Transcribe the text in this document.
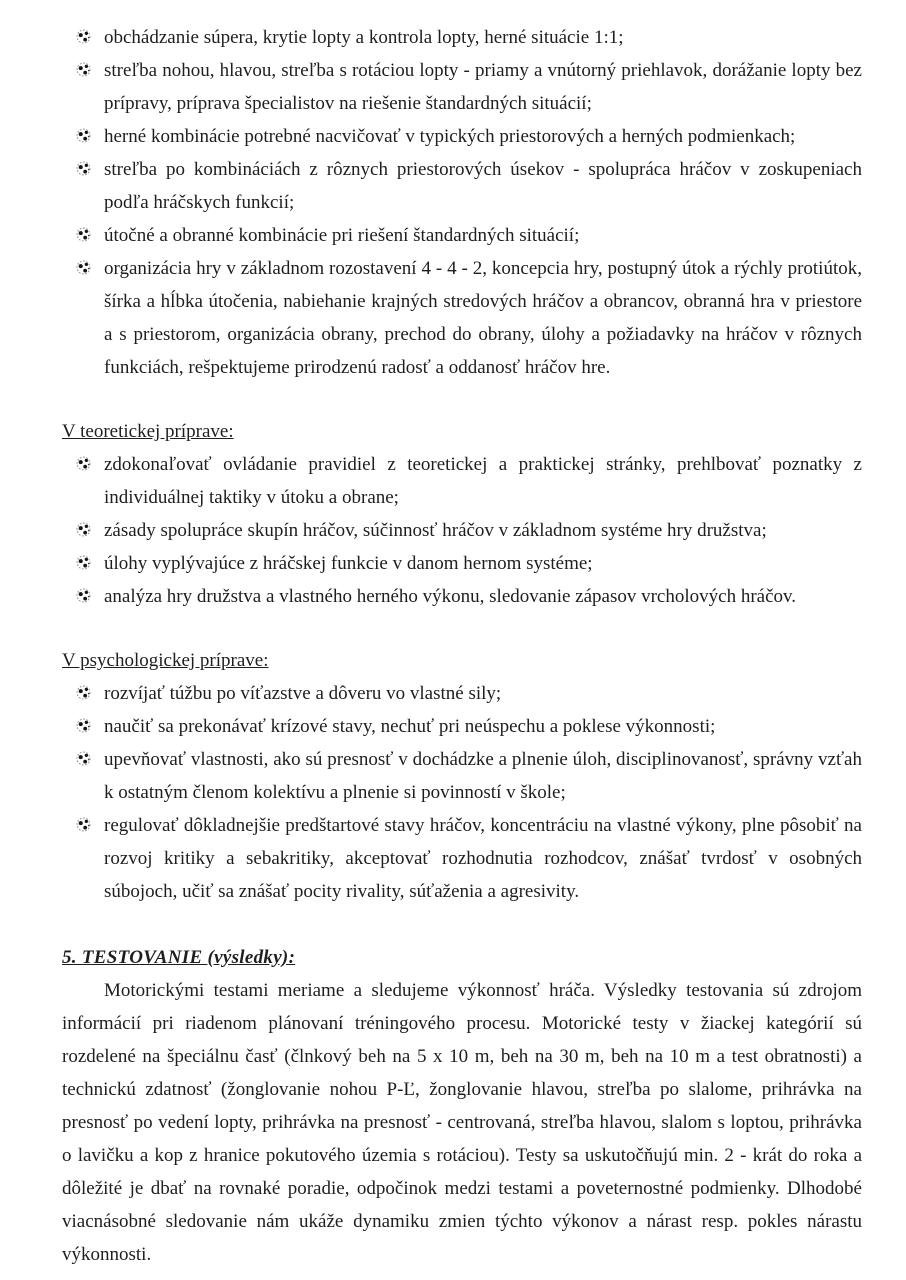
obchádzanie súpera, krytie lopty a kontrola lopty, herné situácie 1:1;
streľba nohou, hlavou, streľba s rotáciou lopty - priamy a vnútorný priehlavok, dorážanie lopty bez prípravy, príprava špecialistov na riešenie štandardných situácií;
herné kombinácie potrebné nacvičovať v typických priestorových a herných podmienkach;
streľba po kombináciách z rôznych priestorových úsekov - spolupráca hráčov v zoskupeniach podľa hráčskych funkcií;
útočné a obranné kombinácie pri riešení štandardných situácií;
organizácia hry v základnom rozostavení 4 - 4 - 2, koncepcia hry, postupný útok a rýchly protiútok, šírka a hĺbka útočenia, nabiehanie krajných stredových hráčov a obrancov, obranná hra v priestore a s priestorom, organizácia obrany, prechod do obrany, úlohy a požiadavky na hráčov v rôznych funkciách, rešpektujeme prirodzenú radosť a oddanosť hráčov hre.

V teoretickej príprave:

zdokonaľovať ovládanie pravidiel z teoretickej a praktickej stránky, prehlbovať poznatky z individuálnej taktiky v útoku a obrane;
zásady spolupráce skupín hráčov, súčinnosť hráčov v základnom systéme hry družstva;
úlohy vyplývajúce z hráčskej funkcie v danom hernom systéme;
analýza hry družstva a vlastného herného výkonu, sledovanie zápasov vrcholových hráčov.

V psychologickej príprave:

rozvíjať túžbu po víťazstve a dôveru vo vlastné sily;
naučiť sa prekonávať krízové stavy, nechuť pri neúspechu a poklese výkonnosti;
upevňovať vlastnosti, ako sú presnosť v dochádzke a plnenie úloh, disciplinovanosť, správny vzťah k ostatným členom kolektívu a plnenie si povinností v škole;
regulovať dôkladnejšie predštartové stavy hráčov, koncentráciu na vlastné výkony, plne pôsobiť na rozvoj kritiky a sebakritiky, akceptovať rozhodnutia rozhodcov, znášať tvrdosť v osobných súbojoch, učiť sa znášať pocity rivality, súťaženia a agresivity.

5. TESTOVANIE (výsledky):

Motorickými testami meriame a sledujeme výkonnosť hráča. Výsledky testovania sú zdrojom informácií pri riadenom plánovaní tréningového procesu. Motorické testy v žiackej kategórií sú rozdelené na špeciálnu časť (člnkový beh na 5 x 10 m, beh na 30 m, beh na 10 m a test obratnosti) a technickú zdatnosť (žonglovanie nohou P-Ľ, žonglovanie hlavou, streľba po slalome, prihrávka na presnosť po vedení lopty, prihrávka na presnosť - centrovaná, streľba hlavou, slalom s loptou, prihrávka o lavičku a kop z hranice pokutového územia s rotáciou). Testy sa uskutočňujú min. 2 - krát do roka a dôležité je dbať na rovnaké poradie, odpočinok medzi testami a poveternostné podmienky. Dlhodobé viacnásobné sledovanie nám ukáže dynamiku zmien týchto výkonov a nárast resp. pokles nárastu výkonnosti.
